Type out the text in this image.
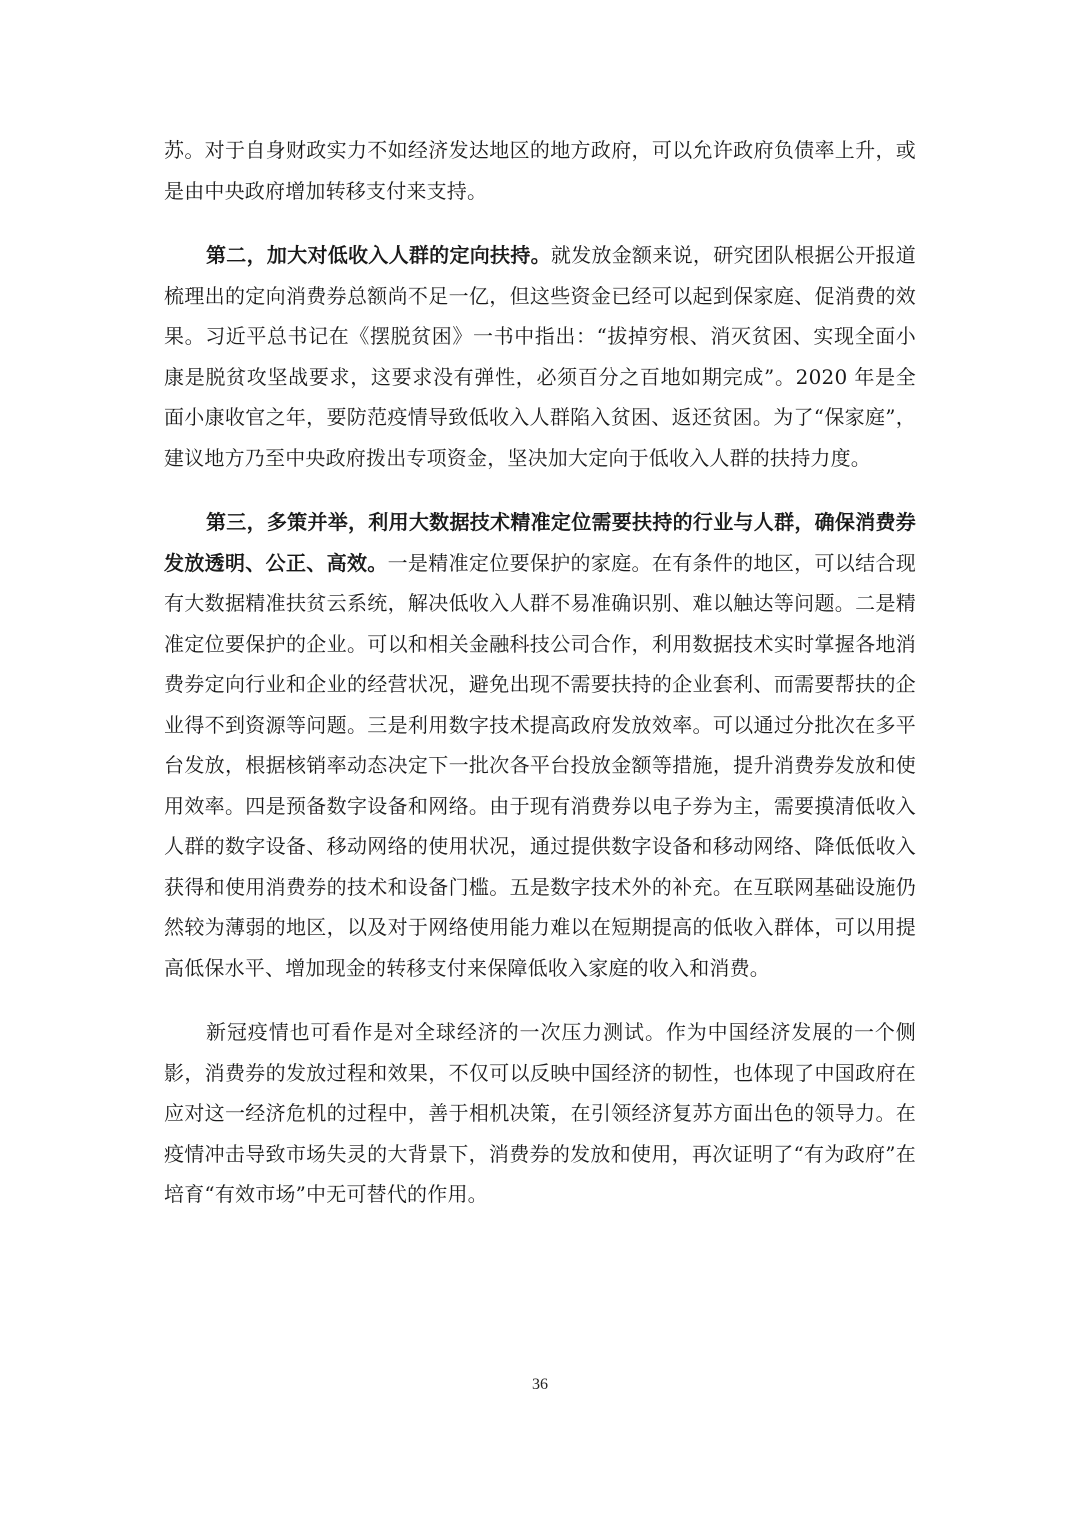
苏。对于自身财政实力不如经济发达地区的地方政府，可以允许政府负债率上升，或是由中央政府增加转移支付来支持。

第二，加大对低收入人群的定向扶持。就发放金额来说，研究团队根据公开报道梳理出的定向消费券总额尚不足一亿，但这些资金已经可以起到保家庭、促消费的效果。习近平总书记在《摆脱贫困》一书中指出：“拔掉穷根、消灭贫困、实现全面小康是脱贫攻坚战要求，这要求没有弹性，必须百分之百地如期完成”。2020 年是全面小康收官之年，要防范疫情导致低收入人群陷入贫困、返还贫困。为了“保家庭”，建议地方乃至中央政府拨出专项资金，坚决加大定向于低收入人群的扶持力度。

第三，多策并举，利用大数据技术精准定位需要扶持的行业与人群，确保消费券发放透明、公正、高效。一是精准定位要保护的家庭。在有条件的地区，可以结合现有大数据精准扶贫云系统，解决低收入人群不易准确识别、难以触达等问题。二是精准定位要保护的企业。可以和相关金融科技公司合作，利用数据技术实时掌握各地消费券定向行业和企业的经营状况，避免出现不需要扶持的企业套利、而需要帮扶的企业得不到资源等问题。三是利用数字技术提高政府发放效率。可以通过分批次在多平台发放，根据核销率动态决定下一批次各平台投放金额等措施，提升消费券发放和使用效率。四是预备数字设备和网络。由于现有消费券以电子券为主，需要摸清低收入人群的数字设备、移动网络的使用状况，通过提供数字设备和移动网络、降低低收入获得和使用消费券的技术和设备门槛。五是数字技术外的补充。在互联网基础设施仍然较为薄弱的地区，以及对于网络使用能力难以在短期提高的低收入群体，可以用提高低保水平、增加现金的转移支付来保障低收入家庭的收入和消费。

新冠疫情也可看作是对全球经济的一次压力测试。作为中国经济发展的一个侧影，消费券的发放过程和效果，不仅可以反映中国经济的韧性，也体现了中国政府在应对这一经济危机的过程中，善于相机决策，在引领经济复苏方面出色的领导力。在疫情冲击导致市场失灵的大背景下，消费券的发放和使用，再次证明了“有为政府”在培育“有效市场”中无可替代的作用。

36
